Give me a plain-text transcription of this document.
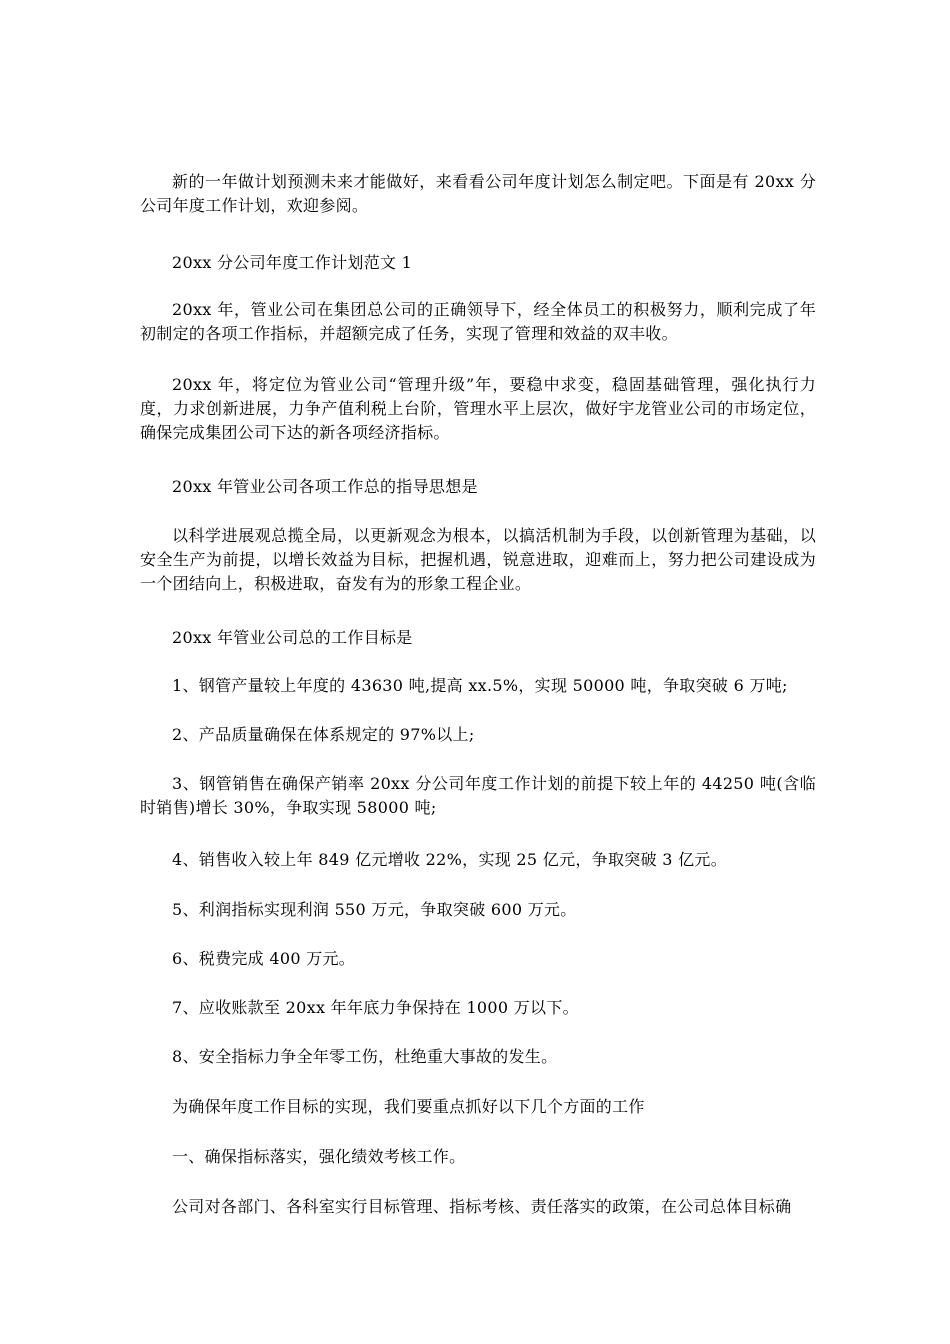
新的一年做计划预测未来才能做好，来看看公司年度计划怎么制定吧。下面是有 20xx 分公司年度工作计划，欢迎参阅。

20xx 分公司年度工作计划范文 1

20xx 年，管业公司在集团总公司的正确领导下，经全体员工的积极努力，顺利完成了年初制定的各项工作指标，并超额完成了任务，实现了管理和效益的双丰收。

20xx 年，将定位为管业公司“管理升级”年，要稳中求变，稳固基础管理，强化执行力度，力求创新进展，力争产值利税上台阶，管理水平上层次，做好宇龙管业公司的市场定位，确保完成集团公司下达的新各项经济指标。

20xx 年管业公司各项工作总的指导思想是

以科学进展观总揽全局，以更新观念为根本，以搞活机制为手段，以创新管理为基础，以安全生产为前提，以增长效益为目标，把握机遇，锐意进取，迎难而上，努力把公司建设成为一个团结向上，积极进取，奋发有为的形象工程企业。

20xx 年管业公司总的工作目标是

1、钢管产量较上年度的 43630 吨,提高 xx.5%，实现 50000 吨，争取突破 6 万吨;

2、产品质量确保在体系规定的 97%以上;

3、钢管销售在确保产销率 20xx 分公司年度工作计划的前提下较上年的 44250 吨(含临时销售)增长 30%，争取实现 58000 吨;

4、销售收入较上年 849 亿元增收 22%，实现 25 亿元，争取突破 3 亿元。

5、利润指标实现利润 550 万元，争取突破 600 万元。

6、税费完成 400 万元。

7、应收账款至 20xx 年年底力争保持在 1000 万以下。

8、安全指标力争全年零工伤，杜绝重大事故的发生。

为确保年度工作目标的实现，我们要重点抓好以下几个方面的工作

一、确保指标落实，强化绩效考核工作。

公司对各部门、各科室实行目标管理、指标考核、责任落实的政策，在公司总体目标确
